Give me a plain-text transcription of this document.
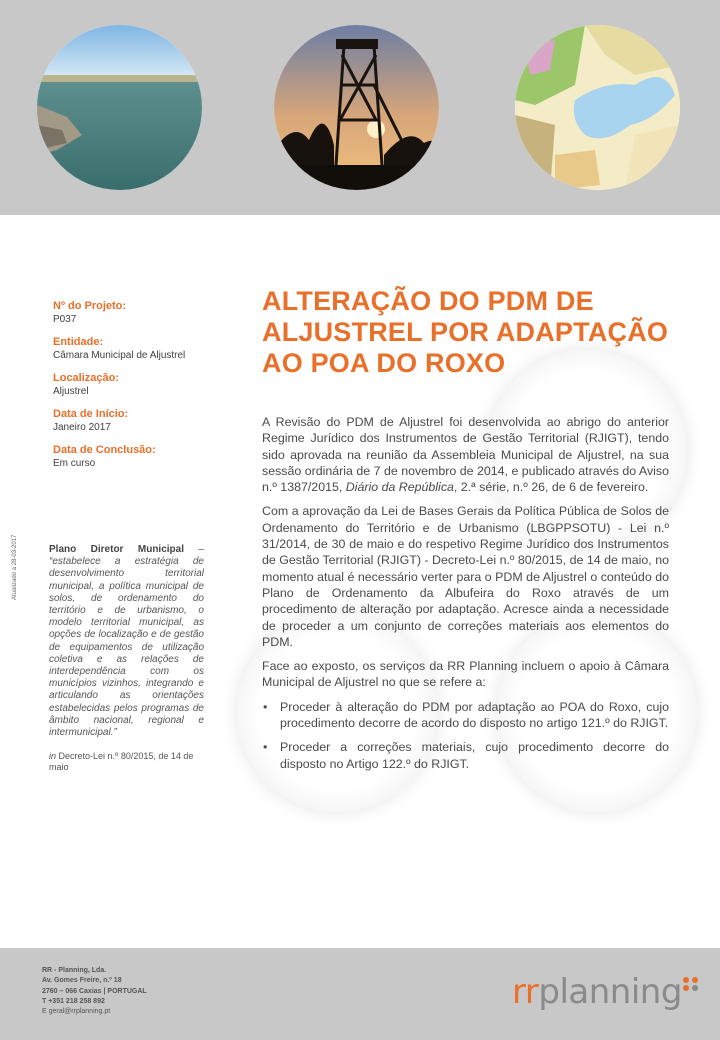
Atualizado a 28-03-2017
Nº do Projeto:
P037
Entidade:
Câmara Municipal de Aljustrel
Localização:
Aljustrel
Data de Início:
Janeiro 2017
Data de Conclusão:
Em curso
Plano Diretor Municipal – “estabelece a estratégia de desenvolvimento territorial municipal, a política municipal de solos, de ordenamento do território e de urbanismo, o modelo territorial municipal, as opções de localização e de gestão de equipamentos de utilização coletiva e as relações de interdependência com os municípios vizinhos, integrando e articulando as orientações estabelecidas pelos programas de âmbito nacional, regional e intermunicipal.”
in Decreto-Lei n.º 80/2015, de 14 de maio
ALTERAÇÃO DO PDM DE ALJUSTREL POR ADAPTAÇÃO AO POA DO ROXO

A Revisão do PDM de Aljustrel foi desenvolvida ao abrigo do anterior Regime Jurídico dos Instrumentos de Gestão Territorial (RJIGT), tendo sido aprovada na reunião da Assembleia Municipal de Aljustrel, na sua sessão ordinária de 7 de novembro de 2014, e publicado através do Aviso n.º 1387/2015, Diário da República, 2.ª série, n.º 26, de 6 de fevereiro.

Com a aprovação da Lei de Bases Gerais da Política Pública de Solos de Ordenamento do Território e de Urbanismo (LBGPPSOTU) - Lei n.º 31/2014, de 30 de maio e do respetivo Regime Jurídico dos Instrumentos de Gestão Territorial (RJIGT) - Decreto-Lei n.º 80/2015, de 14 de maio, no momento atual é necessário verter para o PDM de Aljustrel o conteúdo do Plano de Ordenamento da Albufeira do Roxo através de um procedimento de alteração por adaptação. Acresce ainda a necessidade de proceder a um conjunto de correções materiais aos elementos do PDM.

Face ao exposto, os serviços da RR Planning incluem o apoio à Câmara Municipal de Aljustrel no que se refere a:

• Proceder à alteração do PDM por adaptação ao POA do Roxo, cujo procedimento decorre de acordo do disposto no artigo 121.º do RJIGT.
• Proceder a correções materiais, cujo procedimento decorre do disposto no Artigo 122.º do RJIGT.
RR - Planning, Lda.
Av. Gomes Freire, n.º 18
2760 – 066 Caxias | PORTUGAL
T +351 218 258 892
E geral@rrplanning.pt	rrplanning
